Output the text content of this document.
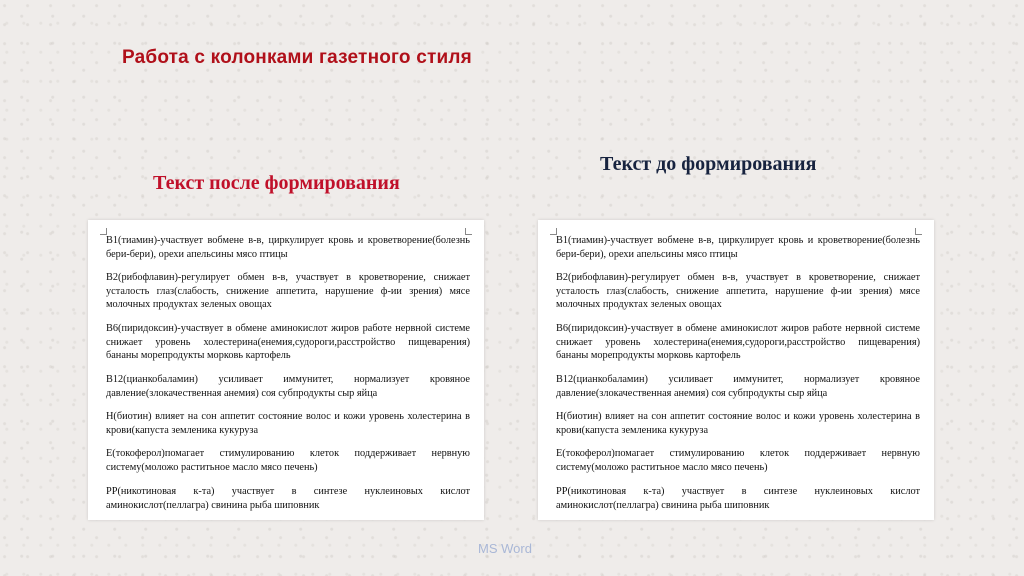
Работа с колонками газетного стиля
Текст после формирования
Текст до формирования

В1(тиамин)-участвует вобмене в-в, циркулирует кровь и кроветворение(болезнь бери-бери), орехи апельсины мясо птицы

В2(рибофлавин)-регулирует обмен в-в, участвует в кроветворение, снижает усталость глаз(слабость, снижение аппетита, нарушение ф-ии зрения) мясе молочных продуктах зеленых овощах

В6(пиридоксин)-участвует в обмене аминокислот жиров работе нервной системе снижает уровень холестерина(енемия,судороги,расстройство пищеварения) бананы морепродукты морковь картофель

В12(цианкобаламин) усиливает иммунитет, нормализует кровяное давление(злокачественная анемия) соя субпродукты сыр яйца

Н(биотин) влияет на сон аппетит состояние волос и кожи уровень холестерина в крови(капуста земленика кукуруза

Е(токоферол)помагает стимулированию клеток поддерживает нервную систему(моложо раститьное масло мясо печень)

РР(никотиновая к-та) участвует в синтезе нуклеиновых кислот аминокислот(пеллагра) свинина рыба шиповник

В1(тиамин)-участвует вобмене в-в, циркулирует кровь и кроветворение(болезнь бери-бери), орехи апельсины мясо птицы

В2(рибофлавин)-регулирует обмен в-в, участвует в кроветворение, снижает усталость глаз(слабость, снижение аппетита, нарушение ф-ии зрения) мясе молочных продуктах зеленых овощах

В6(пиридоксин)-участвует в обмене аминокислот жиров работе нервной системе снижает уровень холестерина(енемия,судороги,расстройство пищеварения) бананы морепродукты морковь картофель

В12(цианкобаламин) усиливает иммунитет, нормализует кровяное давление(злокачественная анемия) соя субпродукты сыр яйца

Н(биотин) влияет на сон аппетит состояние волос и кожи уровень холестерина в крови(капуста земленика кукуруза

Е(токоферол)помагает стимулированию клеток поддерживает нервную систему(моложо раститьное масло мясо печень)

РР(никотиновая к-та) участвует в синтезе нуклеиновых кислот аминокислот(пеллагра) свинина рыба шиповник

MS Word
